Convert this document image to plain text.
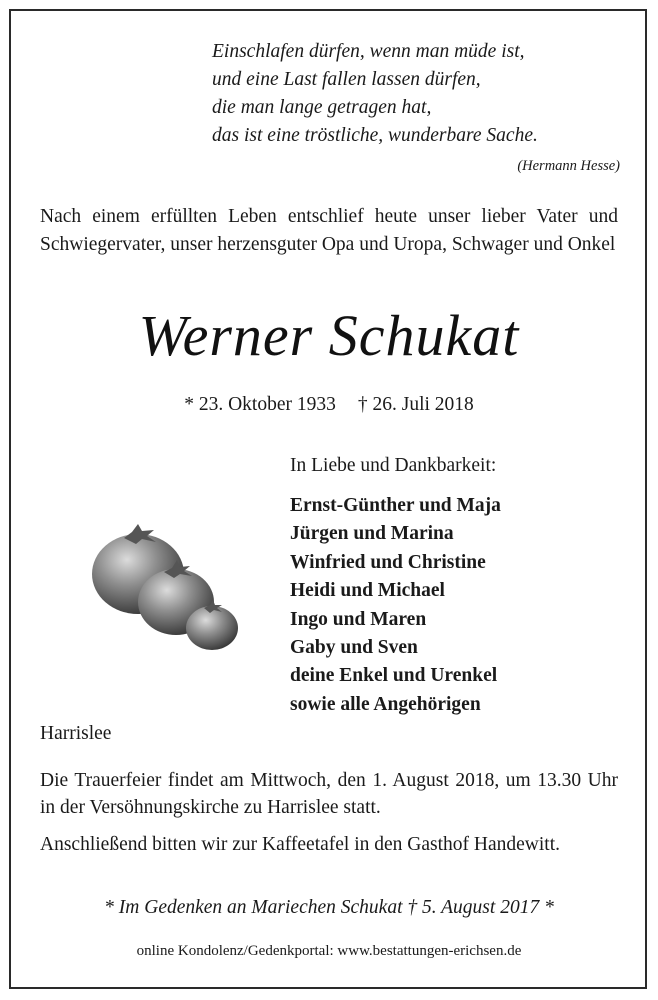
Einschlafen dürfen, wenn man müde ist,
und eine Last fallen lassen dürfen,
die man lange getragen hat,
das ist eine tröstliche, wunderbare Sache.
(Hermann Hesse)
Nach einem erfüllten Leben entschlief heute unser lieber Vater und Schwiegervater, unser herzensguter Opa und Uropa, Schwager und Onkel
Werner Schukat
* 23. Oktober 1933 † 26. Juli 2018
In Liebe und Dankbarkeit:
Ernst-Günther und Maja
Jürgen und Marina
Winfried und Christine
Heidi und Michael
Ingo und Maren
Gaby und Sven
deine Enkel und Urenkel
sowie alle Angehörigen
Harrislee
Die Trauerfeier findet am Mittwoch, den 1. August 2018, um 13.30 Uhr in der Versöhnungskirche zu Harrislee statt.
Anschließend bitten wir zur Kaffeetafel in den Gasthof Handewitt.
* Im Gedenken an Mariechen Schukat † 5. August 2017 *
online Kondolenz/Gedenkportal: www.bestattungen-erichsen.de
